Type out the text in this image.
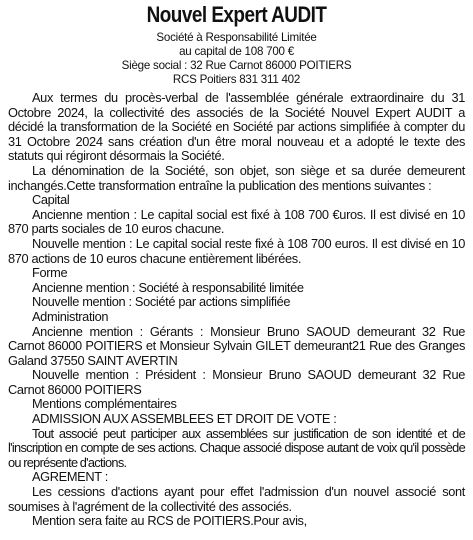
Nouvel Expert AUDIT
Société à Responsabilité Limitée
au capital de 108 700 €
Siège social : 32 Rue Carnot 86000 POITIERS
RCS Poitiers 831 311 402

Aux termes du procès-verbal de l'assemblée générale extraordinaire du 31 Octobre 2024, la collectivité des associés de la Société Nouvel Expert AUDIT a décidé la transformation de la Société en Société par actions simplifiée à compter du 31 Octobre 2024 sans création d'un être moral nouveau et a adopté le texte des statuts qui régiront désormais la Société.

La dénomination de la Société, son objet, son siège et sa durée demeurent inchangés.Cette transformation entraîne la publication des mentions suivantes :

Capital

Ancienne mention : Le capital social est fixé à 108 700 €uros. Il est divisé en 10 870 parts sociales de 10 euros chacune.

Nouvelle mention : Le capital social reste fixé à 108 700 euros. Il est divisé en 10 870 actions de 10 euros chacune entièrement libérées.

Forme

Ancienne mention : Société à responsabilité limitée

Nouvelle mention : Société par actions simplifiée

Administration

Ancienne mention : Gérants : Monsieur Bruno SAOUD demeurant 32 Rue Carnot 86000 POITIERS et Monsieur Sylvain GILET demeurant21 Rue des Granges Galand 37550 SAINT AVERTIN

Nouvelle mention : Président : Monsieur Bruno SAOUD demeurant 32 Rue Carnot 86000 POITIERS

Mentions complémentaires

ADMISSION AUX ASSEMBLEES ET DROIT DE VOTE :

Tout associé peut participer aux assemblées sur justification de son identité et de l'inscription en compte de ses actions. Chaque associé dispose autant de voix qu'il possède ou représente d'actions.

AGREMENT :

Les cessions d'actions ayant pour effet l'admission d'un nouvel associé sont soumises à l'agrément de la collectivité des associés.

Mention sera faite au RCS de POITIERS.Pour avis,
